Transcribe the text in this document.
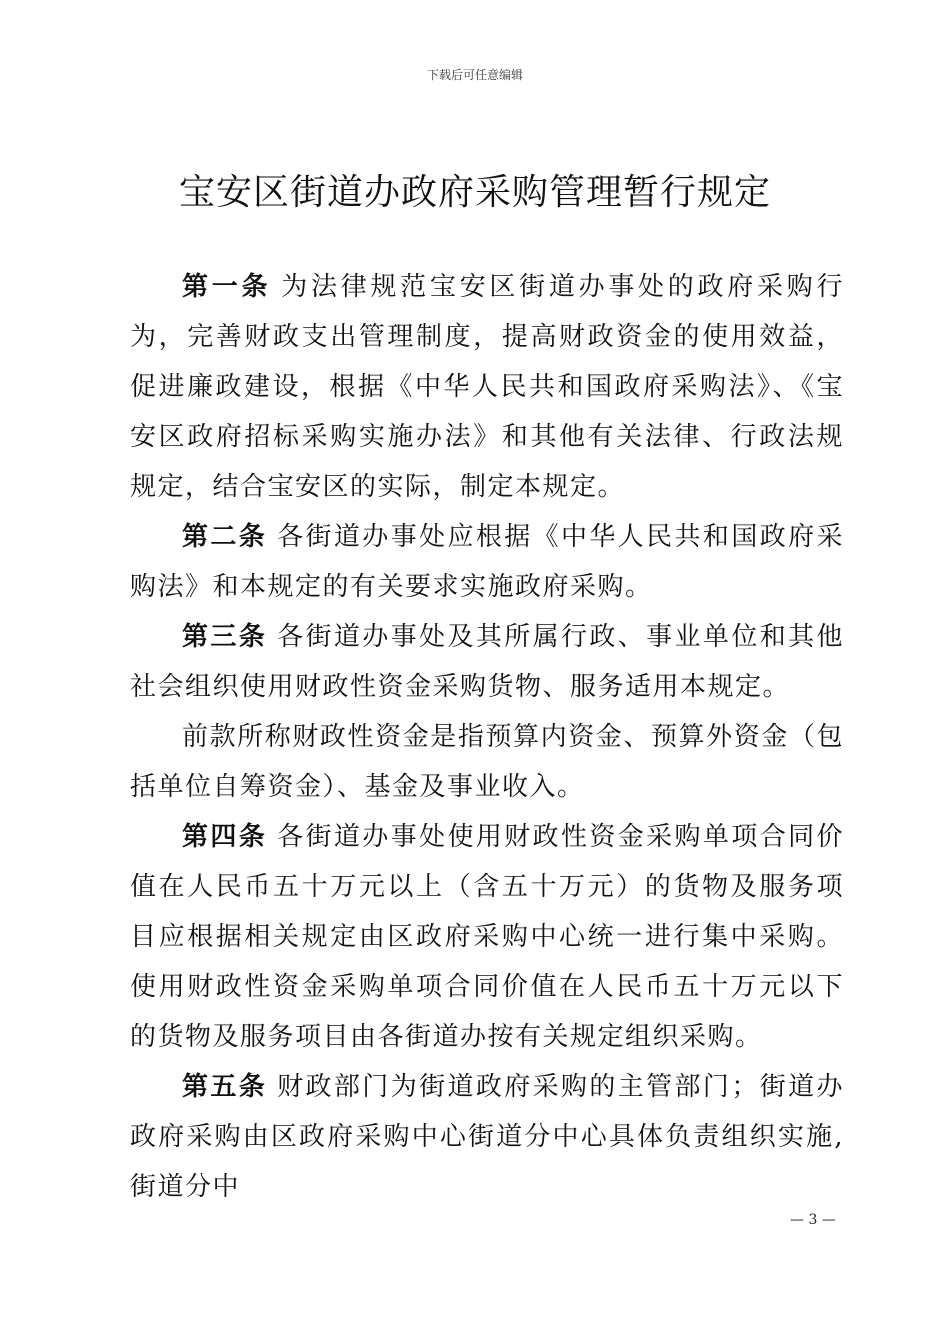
下载后可任意编辑
宝安区街道办政府采购管理暂行规定

第一条 为法律规范宝安区街道办事处的政府采购行为，完善财政支出管理制度，提高财政资金的使用效益，促进廉政建设，根据《中华人民共和国政府采购法》、《宝安区政府招标采购实施办法》和其他有关法律、行政法规规定，结合宝安区的实际，制定本规定。

第二条 各街道办事处应根据《中华人民共和国政府采购法》和本规定的有关要求实施政府采购。

第三条 各街道办事处及其所属行政、事业单位和其他社会组织使用财政性资金采购货物、服务适用本规定。

前款所称财政性资金是指预算内资金、预算外资金（包括单位自筹资金）、基金及事业收入。

第四条 各街道办事处使用财政性资金采购单项合同价值在人民币五十万元以上（含五十万元）的货物及服务项目应根据相关规定由区政府采购中心统一进行集中采购。使用财政性资金采购单项合同价值在人民币五十万元以下的货物及服务项目由各街道办按有关规定组织采购。

第五条 财政部门为街道政府采购的主管部门；街道办政府采购由区政府采购中心街道分中心具体负责组织实施,街道分中

— 3 —
